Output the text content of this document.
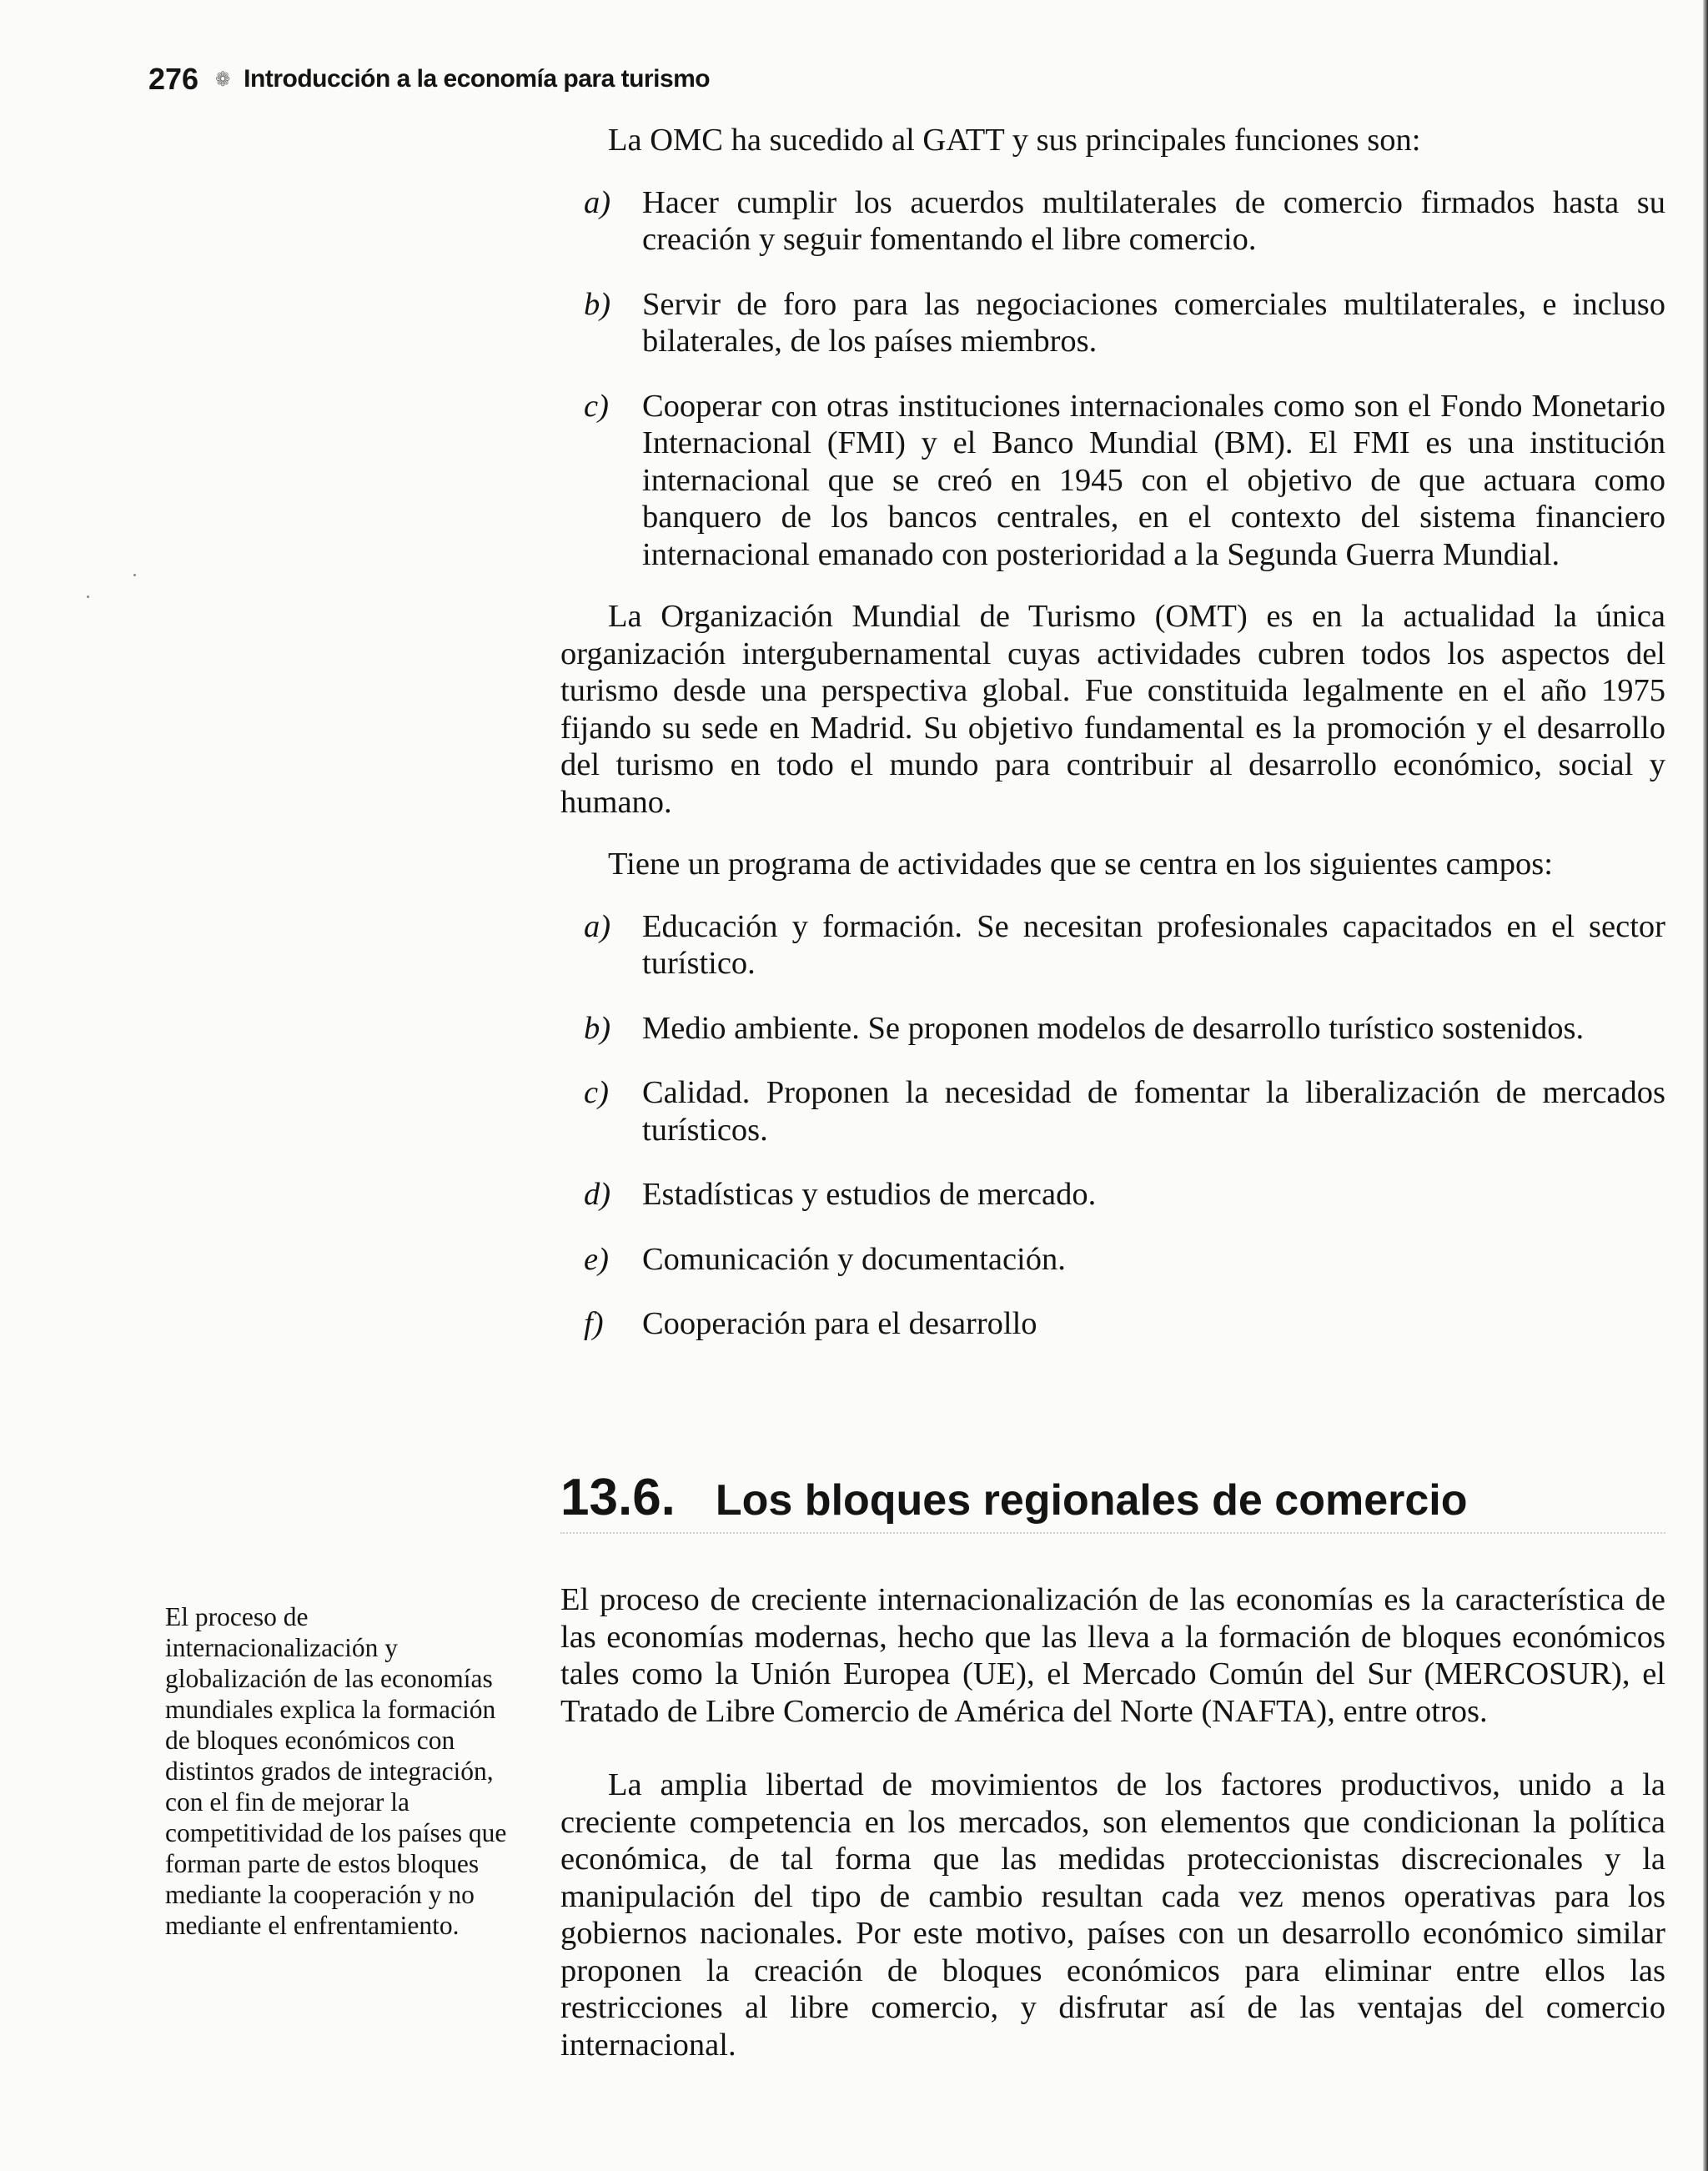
276 ❁ Introducción a la economía para turismo

La OMC ha sucedido al GATT y sus principales funciones son:

a) Hacer cumplir los acuerdos multilaterales de comercio firmados hasta su creación y seguir fomentando el libre comercio.
b) Servir de foro para las negociaciones comerciales multilaterales, e incluso bilaterales, de los países miembros.
c)	Cooperar con otras instituciones internacionales como son el Fondo Monetario Internacional (FMI) y el Banco Mundial (BM). El FMI es una institución internacional que se creó en 1945 con el objetivo de que actuara como banquero de los bancos centrales, en el contexto del sistema financiero internacional emanado con posterioridad a la Segunda Guerra Mundial.

La Organización Mundial de Turismo (OMT) es en la actualidad la única organización intergubernamental cuyas actividades cubren todos los aspectos del turismo desde una perspectiva global. Fue constituida legalmente en el año 1975 fijando su sede en Madrid. Su objetivo fundamental es la promoción y el desarrollo del turismo en todo el mundo para contribuir al desarrollo económico, social y humano.

Tiene un programa de actividades que se centra en los siguientes campos:

a) Educación y formación. Se necesitan profesionales capacitados en el sector turístico.
b) Medio ambiente. Se proponen modelos de desarrollo turístico sostenidos.
c)	Calidad. Proponen la necesidad de fomentar la liberalización de mercados turísticos.
d) Estadísticas y estudios de mercado.
e)	Comunicación y documentación.
f)	Cooperación para el desarrollo
13.6. Los bloques regionales de comercio

El proceso de creciente internacionalización de las economías es la característica de las economías modernas, hecho que las lleva a la formación de bloques económicos tales como la Unión Europea (UE), el Mercado Común del Sur (MERCOSUR), el Tratado de Libre Comercio de América del Norte (NAFTA), entre otros.

La amplia libertad de movimientos de los factores productivos, unido a la creciente competencia en los mercados, son elementos que condicionan la política económica, de tal forma que las medidas proteccionistas discrecionales y la manipulación del tipo de cambio resultan cada vez menos operativas para los gobiernos nacionales. Por este motivo, países con un desarrollo económico similar proponen la creación de bloques económicos para eliminar entre ellos las restricciones al libre comercio, y disfrutar así de las ventajas del comercio internacional.

El proceso de internacionalización y globalización de las economías mundiales explica la formación de bloques económicos con distintos grados de integración, con el fin de mejorar la competitividad de los países que forman parte de estos bloques mediante la cooperación y no mediante el enfrentamiento.
